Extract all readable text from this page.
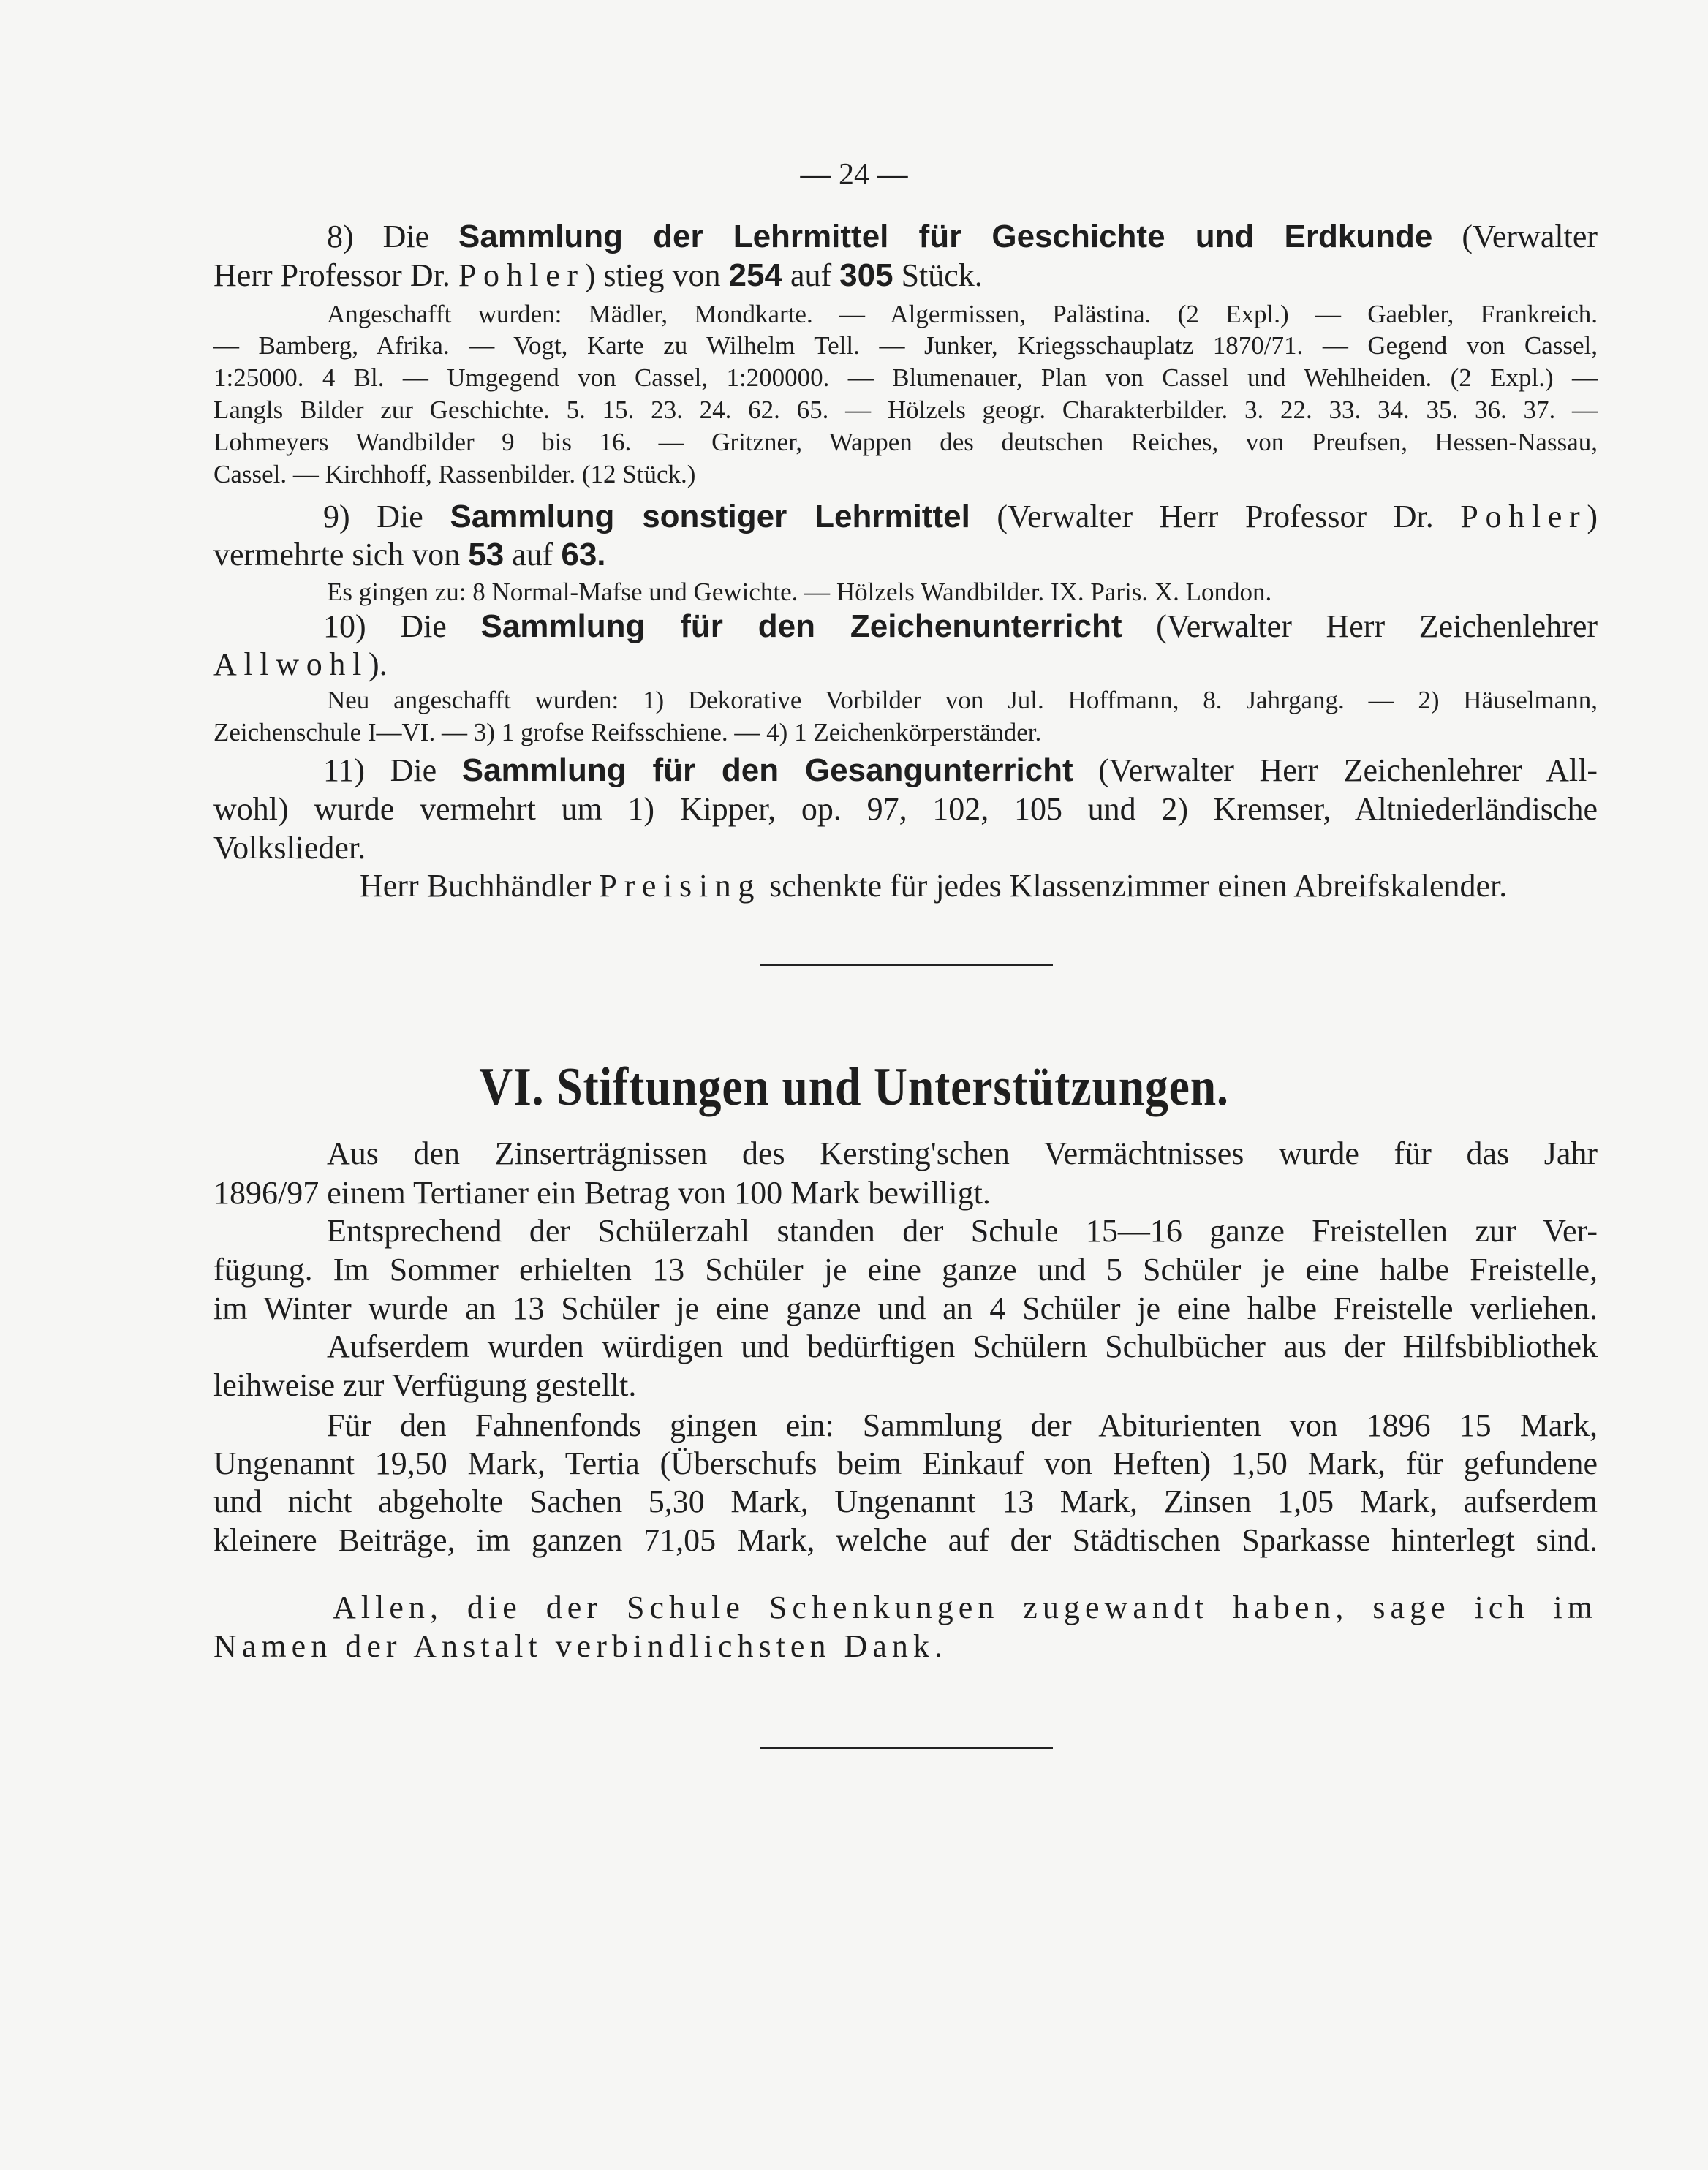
— 24 —
8) Die Sammlung der Lehrmittel für Geschichte und Erdkunde (Verwalter
Herr Professor Dr. Pohler) stieg von 254 auf 305 Stück.
Angeschafft wurden: Mädler, Mondkarte. — Algermissen, Palästina. (2 Expl.) — Gaebler, Frankreich.
— Bamberg, Afrika. — Vogt, Karte zu Wilhelm Tell. — Junker, Kriegsschauplatz 1870/71. — Gegend von Cassel,
1:25000. 4 Bl. — Umgegend von Cassel, 1:200000. — Blumenauer, Plan von Cassel und Wehlheiden. (2 Expl.) —
Langls Bilder zur Geschichte. 5. 15. 23. 24. 62. 65. — Hölzels geogr. Charakterbilder. 3. 22. 33. 34. 35. 36. 37. —
Lohmeyers Wandbilder 9 bis 16. — Gritzner, Wappen des deutschen Reiches, von Preufsen, Hessen-Nassau,
Cassel. — Kirchhoff, Rassenbilder. (12 Stück.)
9) Die Sammlung sonstiger Lehrmittel (Verwalter Herr Professor Dr. Pohler)
vermehrte sich von 53 auf 63.
Es gingen zu: 8 Normal-Mafse und Gewichte. — Hölzels Wandbilder. IX. Paris. X. London.
10) Die Sammlung für den Zeichenunterricht (Verwalter Herr Zeichenlehrer
Allwohl).
Neu angeschafft wurden: 1) Dekorative Vorbilder von Jul. Hoffmann, 8. Jahrgang. — 2) Häuselmann,
Zeichenschule I—VI. — 3) 1 grofse Reifsschiene. — 4) 1 Zeichenkörperständer.
11) Die Sammlung für den Gesangunterricht (Verwalter Herr Zeichenlehrer All-
wohl) wurde vermehrt um 1) Kipper, op. 97, 102, 105 und 2) Kremser, Altniederländische
Volkslieder.
Herr Buchhändler Preising schenkte für jedes Klassenzimmer einen Abreifskalender.
VI. Stiftungen und Unterstützungen.
Aus den Zinserträgnissen des Kersting'schen Vermächtnisses wurde für das Jahr
1896/97 einem Tertianer ein Betrag von 100 Mark bewilligt.
Entsprechend der Schülerzahl standen der Schule 15—16 ganze Freistellen zur Ver-
fügung. Im Sommer erhielten 13 Schüler je eine ganze und 5 Schüler je eine halbe Freistelle,
im Winter wurde an 13 Schüler je eine ganze und an 4 Schüler je eine halbe Freistelle verliehen.
Aufserdem wurden würdigen und bedürftigen Schülern Schulbücher aus der Hilfsbibliothek
leihweise zur Verfügung gestellt.
Für den Fahnenfonds gingen ein: Sammlung der Abiturienten von 1896 15 Mark,
Ungenannt 19,50 Mark, Tertia (Überschufs beim Einkauf von Heften) 1,50 Mark, für gefundene
und nicht abgeholte Sachen 5,30 Mark, Ungenannt 13 Mark, Zinsen 1,05 Mark, aufserdem
kleinere Beiträge, im ganzen 71,05 Mark, welche auf der Städtischen Sparkasse hinterlegt sind.
Allen, die der Schule Schenkungen zugewandt haben, sage ich im
Namen der Anstalt verbindlichsten Dank.
